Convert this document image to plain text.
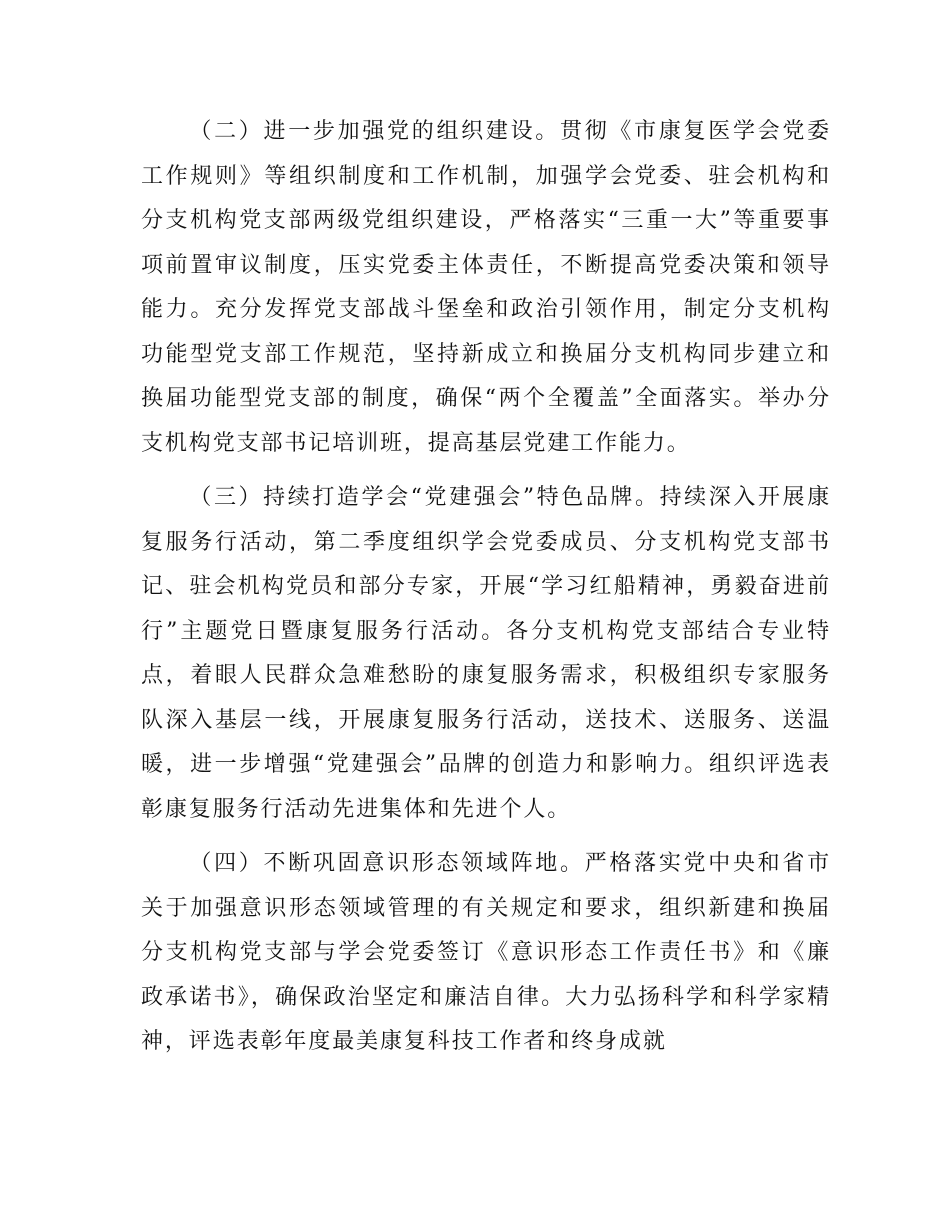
（二）进一步加强党的组织建设。贯彻《市康复医学会党委工作规则》等组织制度和工作机制，加强学会党委、驻会机构和分支机构党支部两级党组织建设，严格落实“三重一大”等重要事项前置审议制度，压实党委主体责任，不断提高党委决策和领导能力。充分发挥党支部战斗堡垒和政治引领作用，制定分支机构功能型党支部工作规范，坚持新成立和换届分支机构同步建立和换届功能型党支部的制度，确保“两个全覆盖”全面落实。举办分支机构党支部书记培训班，提高基层党建工作能力。

（三）持续打造学会“党建强会”特色品牌。持续深入开展康复服务行活动，第二季度组织学会党委成员、分支机构党支部书记、驻会机构党员和部分专家，开展“学习红船精神，勇毅奋进前行”主题党日暨康复服务行活动。各分支机构党支部结合专业特点，着眼人民群众急难愁盼的康复服务需求，积极组织专家服务队深入基层一线，开展康复服务行活动，送技术、送服务、送温暖，进一步增强“党建强会”品牌的创造力和影响力。组织评选表彰康复服务行活动先进集体和先进个人。

（四）不断巩固意识形态领域阵地。严格落实党中央和省市关于加强意识形态领域管理的有关规定和要求，组织新建和换届分支机构党支部与学会党委签订《意识形态工作责任书》和《廉政承诺书》，确保政治坚定和廉洁自律。大力弘扬科学和科学家精神，评选表彰年度最美康复科技工作者和终身成就
